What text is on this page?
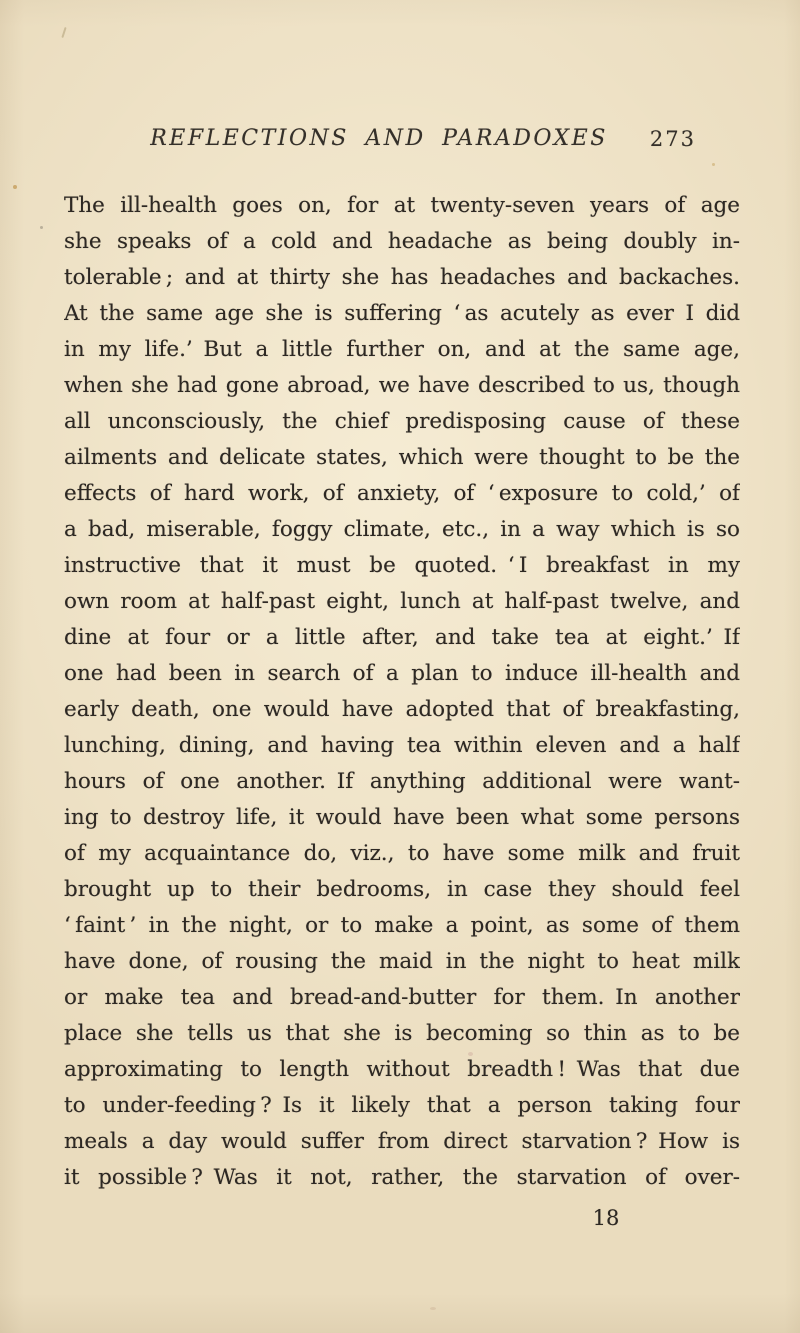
REFLECTIONS AND PARADOXES 273
The ill-health goes on, for at twenty-seven years of age
she speaks of a cold and headache as being doubly in-
tolerable ; and at thirty she has headaches and backaches.
At the same age she is suffering ‘ as acutely as ever I did
in my life.’ But a little further on, and at the same age,
when she had gone abroad, we have described to us, though
all unconsciously, the chief predisposing cause of these
ailments and delicate states, which were thought to be the
effects of hard work, of anxiety, of ‘ exposure to cold,’ of
a bad, miserable, foggy climate, etc., in a way which is so
instructive that it must be quoted. ‘ I breakfast in my
own room at half-past eight, lunch at half-past twelve, and
dine at four or a little after, and take tea at eight.’ If
one had been in search of a plan to induce ill-health and
early death, one would have adopted that of breakfasting,
lunching, dining, and having tea within eleven and a half
hours of one another. If anything additional were want-
ing to destroy life, it would have been what some persons
of my acquaintance do, viz., to have some milk and fruit
brought up to their bedrooms, in case they should feel
‘ faint ’ in the night, or to make a point, as some of them
have done, of rousing the maid in the night to heat milk
or make tea and bread-and-butter for them. In another
place she tells us that she is becoming so thin as to be
approximating to length without breadth ! Was that due
to under-feeding ? Is it likely that a person taking four
meals a day would suffer from direct starvation ? How is
it possible ? Was it not, rather, the starvation of over-
18
